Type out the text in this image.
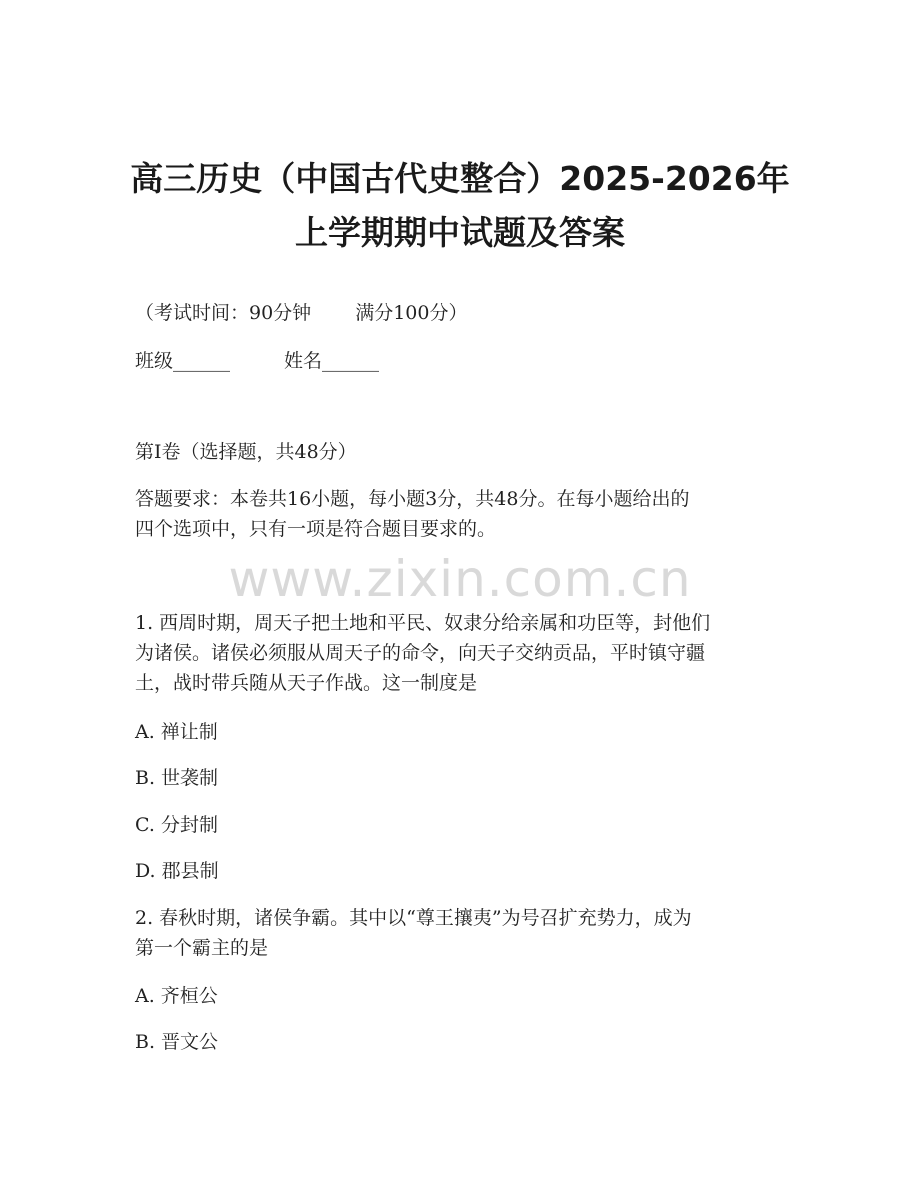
高三历史（中国古代史整合）2025-2026年
上学期期中试题及答案
（考试时间：90分钟 满分100分）
班级______	姓名______
第I卷（选择题，共48分）
答题要求：本卷共16小题，每小题3分，共48分。在每小题给出的
四个选项中，只有一项是符合题目要求的。
www.zixin.com.cn
1. 西周时期，周天子把土地和平民、奴隶分给亲属和功臣等，封他们
为诸侯。诸侯必须服从周天子的命令，向天子交纳贡品，平时镇守疆
土，战时带兵随从天子作战。这一制度是
A. 禅让制
B. 世袭制
C. 分封制
D. 郡县制
2. 春秋时期，诸侯争霸。其中以“尊王攘夷”为号召扩充势力，成为
第一个霸主的是
A. 齐桓公
B. 晋文公
